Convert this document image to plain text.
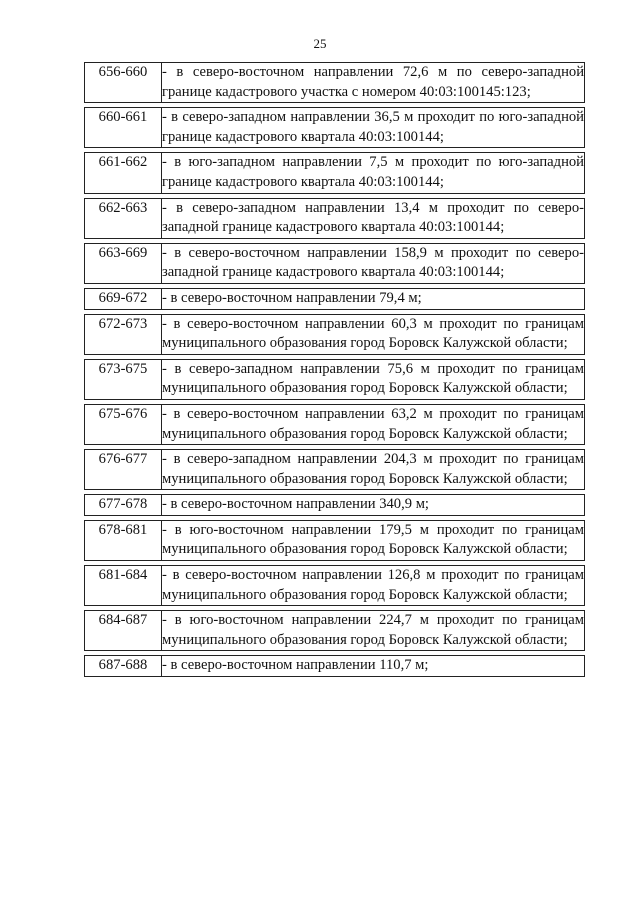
25
656-660	- в северо-восточном направлении 72,6 м по северо-западной границе кадастрового участка с номером 40:03:100145:123;

660-661	- в северо-западном направлении 36,5 м проходит по юго-западной границе кадастрового квартала 40:03:100144;

661-662	- в юго-западном направлении 7,5 м проходит по юго-западной границе кадастрового квартала 40:03:100144;

662-663	- в северо-западном направлении 13,4 м проходит по северо-западной границе кадастрового квартала 40:03:100144;

663-669	- в северо-восточном направлении 158,9 м проходит по северо-западной границе кадастрового квартала 40:03:100144;

669-672	- в северо-восточном направлении 79,4 м;

672-673	- в северо-восточном направлении 60,3 м проходит по границам муниципального образования город Боровск Калужской области;

673-675	- в северо-западном направлении 75,6 м проходит по границам муниципального образования город Боровск Калужской области;

675-676	- в северо-восточном направлении 63,2 м проходит по границам муниципального образования город Боровск Калужской области;

676-677	- в северо-западном направлении 204,3 м проходит по границам муниципального образования город Боровск Калужской области;

677-678	- в северо-восточном направлении 340,9 м;

678-681	- в юго-восточном направлении 179,5 м проходит по границам муниципального образования город Боровск Калужской области;

681-684	- в северо-восточном направлении 126,8 м проходит по границам муниципального образования город Боровск Калужской области;

684-687	- в юго-восточном направлении 224,7 м проходит по границам муниципального образования город Боровск Калужской области;

687-688	- в северо-восточном направлении 110,7 м;
